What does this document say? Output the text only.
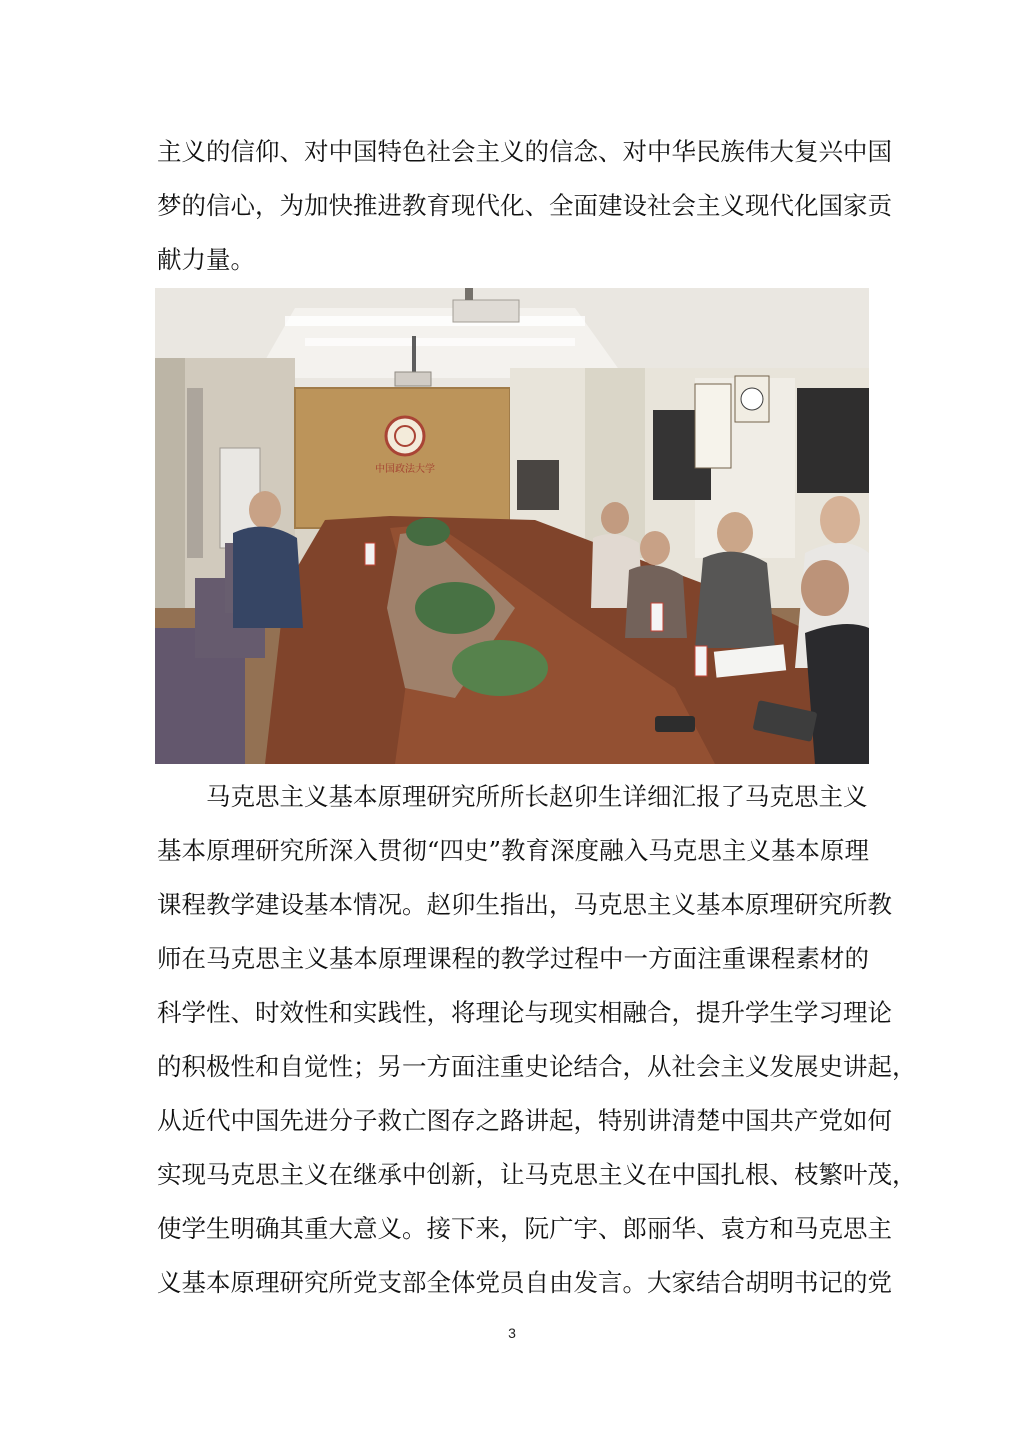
主义的信仰、对中国特色社会主义的信念、对中华民族伟大复兴中国
梦的信心，为加快推进教育现代化、全面建设社会主义现代化国家贡
献力量。
中国政法大学
马克思主义基本原理研究所所长赵卯生详细汇报了马克思主义
基本原理研究所深入贯彻“四史”教育深度融入马克思主义基本原理
课程教学建设基本情况。赵卯生指出，马克思主义基本原理研究所教
师在马克思主义基本原理课程的教学过程中一方面注重课程素材的
科学性、时效性和实践性，将理论与现实相融合，提升学生学习理论
的积极性和自觉性；另一方面注重史论结合，从社会主义发展史讲起，
从近代中国先进分子救亡图存之路讲起，特别讲清楚中国共产党如何
实现马克思主义在继承中创新，让马克思主义在中国扎根、枝繁叶茂，
使学生明确其重大意义。接下来，阮广宇、郎丽华、袁方和马克思主
义基本原理研究所党支部全体党员自由发言。大家结合胡明书记的党
3
